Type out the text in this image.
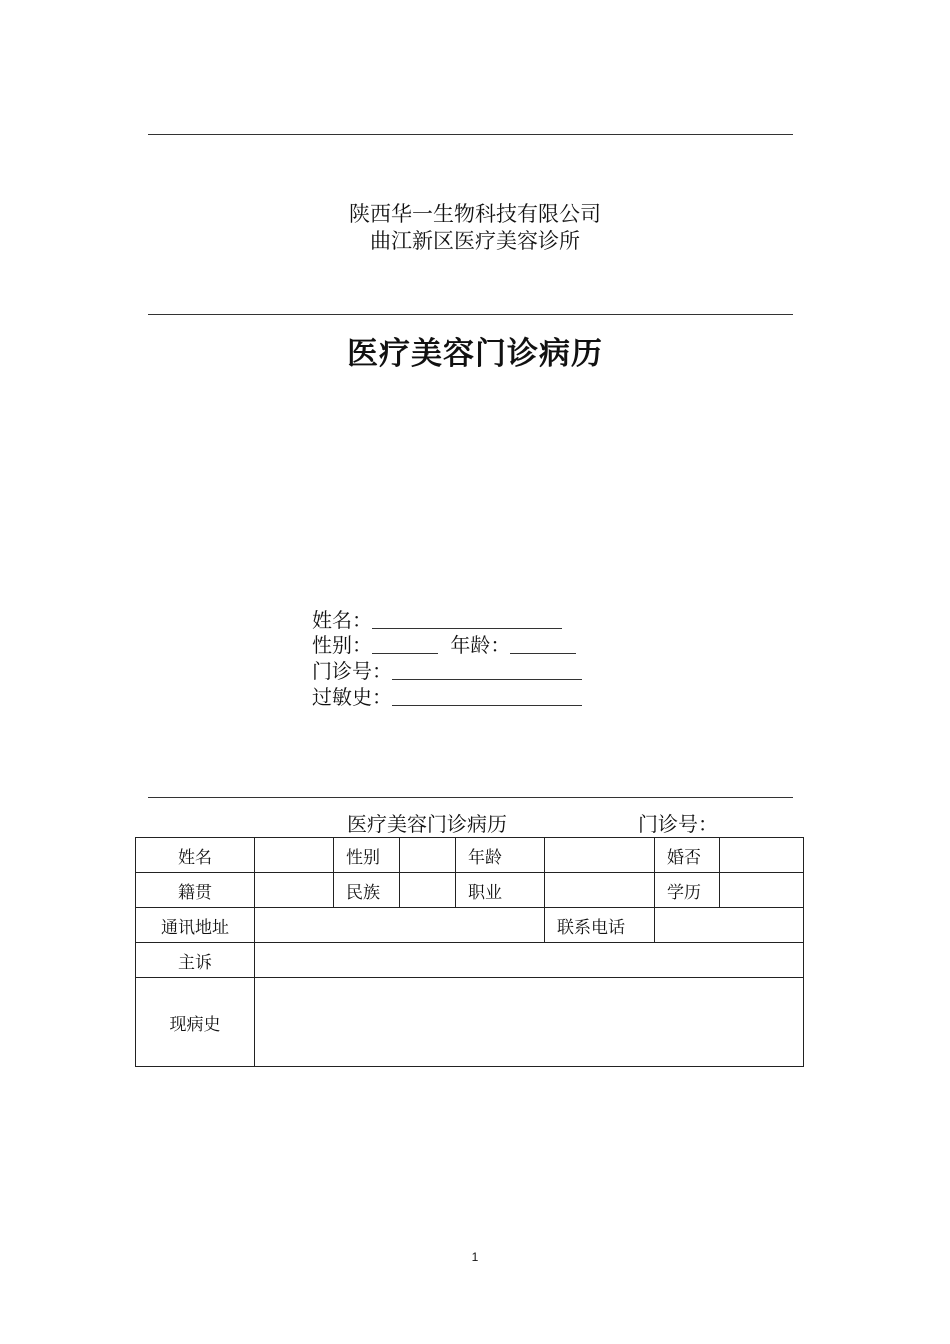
陕西华一生物科技有限公司
曲江新区医疗美容诊所
医疗美容门诊病历
姓名：
性别：	年龄：
门诊号：
过敏史：
医疗美容门诊病历	门诊号：
姓名		性别		年龄		婚否	
籍贯		民族		职业		学历	
通讯地址					联系电话		
主诉							
现病史							
1
